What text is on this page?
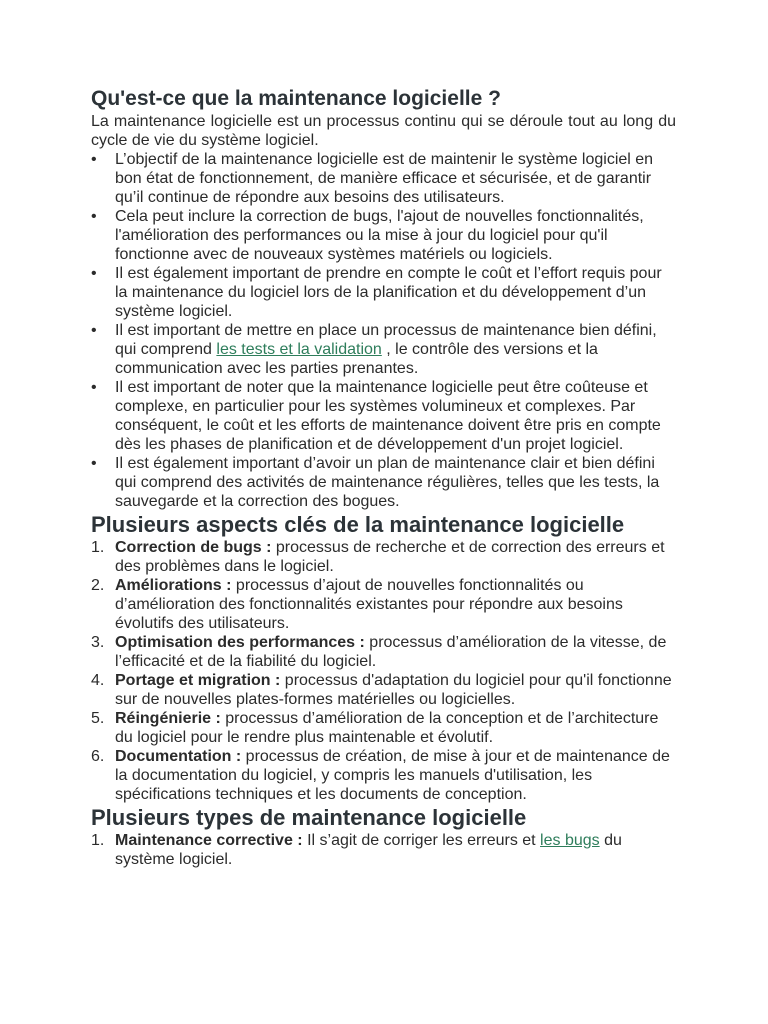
Qu'est-ce que la maintenance logicielle ?

La maintenance logicielle est un processus continu qui se déroule tout au long du cycle de vie du système logiciel.

• L’objectif de la maintenance logicielle est de maintenir le système logiciel en bon état de fonctionnement, de manière efficace et sécurisée, et de garantir qu’il continue de répondre aux besoins des utilisateurs.
• Cela peut inclure la correction de bugs, l'ajout de nouvelles fonctionnalités, l'amélioration des performances ou la mise à jour du logiciel pour qu'il fonctionne avec de nouveaux systèmes matériels ou logiciels.
• Il est également important de prendre en compte le coût et l’effort requis pour la maintenance du logiciel lors de la planification et du développement d’un système logiciel.
• Il est important de mettre en place un processus de maintenance bien défini, qui comprend les tests et la validation , le contrôle des versions et la communication avec les parties prenantes.
• Il est important de noter que la maintenance logicielle peut être coûteuse et complexe, en particulier pour les systèmes volumineux et complexes. Par conséquent, le coût et les efforts de maintenance doivent être pris en compte dès les phases de planification et de développement d'un projet logiciel.
• Il est également important d’avoir un plan de maintenance clair et bien défini qui comprend des activités de maintenance régulières, telles que les tests, la sauvegarde et la correction des bogues.
Plusieurs aspects clés de la maintenance logicielle
1. Correction de bugs : processus de recherche et de correction des erreurs et des problèmes dans le logiciel.
2. Améliorations : processus d’ajout de nouvelles fonctionnalités ou d’amélioration des fonctionnalités existantes pour répondre aux besoins évolutifs des utilisateurs.
3. Optimisation des performances : processus d’amélioration de la vitesse, de l’efficacité et de la fiabilité du logiciel.
4. Portage et migration : processus d'adaptation du logiciel pour qu'il fonctionne sur de nouvelles plates-formes matérielles ou logicielles.
5. Réingénierie : processus d’amélioration de la conception et de l’architecture du logiciel pour le rendre plus maintenable et évolutif.
6. Documentation : processus de création, de mise à jour et de maintenance de la documentation du logiciel, y compris les manuels d'utilisation, les spécifications techniques et les documents de conception.
Plusieurs types de maintenance logicielle
1. Maintenance corrective : Il s’agit de corriger les erreurs et les bugs du système logiciel.
